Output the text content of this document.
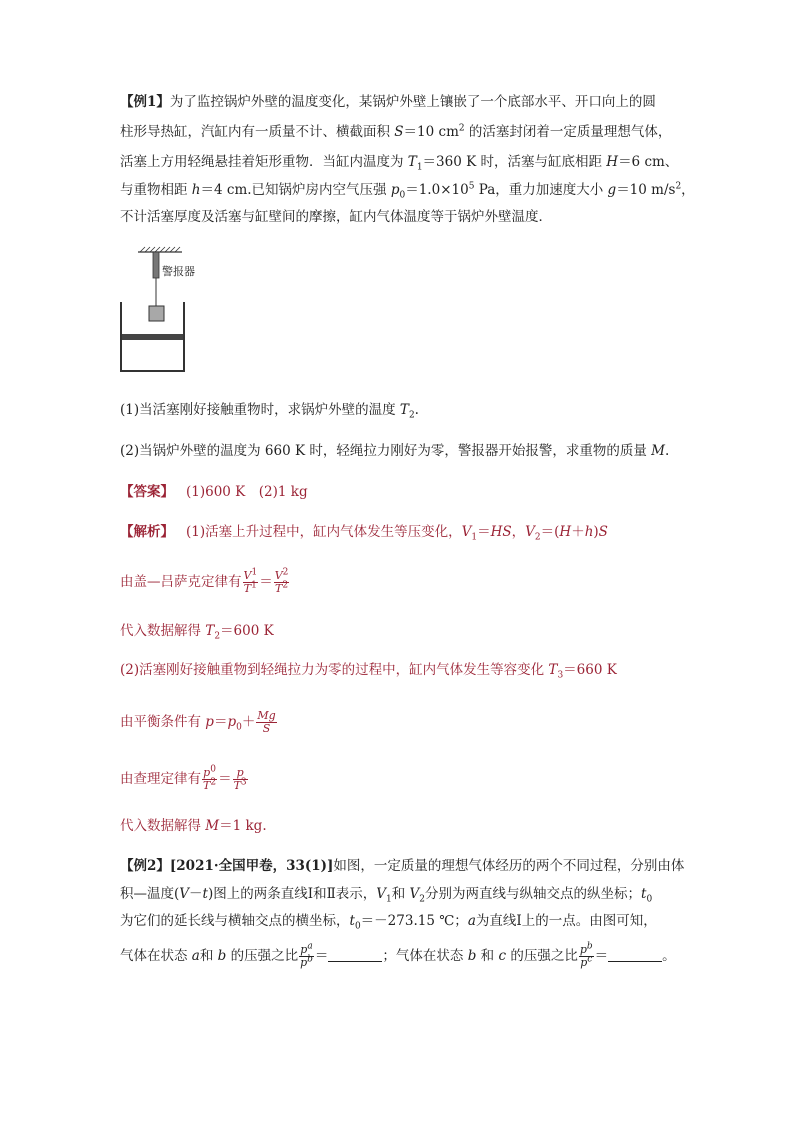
【例1】为了监控锅炉外壁的温度变化，某锅炉外壁上镶嵌了一个底部水平、开口向上的圆
柱形导热缸，汽缸内有一质量不计、横截面积 S＝10 $cm^2$ 的活塞封闭着一定质量理想气体，
活塞上方用轻绳悬挂着矩形重物．当缸内温度为 $T_1=360$ K 时，活塞与缸底相距 H＝6 cm、
与重物相距 h＝4 cm.已知锅炉房内空气压强 $p_0=1.0\times 10^5$ Pa，重力加速度大小 g＝10 $m/s^2$，
不计活塞厚度及活塞与缸壁间的摩擦，缸内气体温度等于锅炉外壁温度．
警报器
(1)当活塞刚好接触重物时，求锅炉外壁的温度 $T_2$.
(2)当锅炉外壁的温度为 660 K 时，轻绳拉力刚好为零，警报器开始报警，求重物的质量 M.
【答案】 (1)600 K　(2)1 kg
【解析】 (1)活塞上升过程中，缸内气体发生等压变化，$V_1=HS$，$V_2=(H+h)S$
由盖—吕萨克定律有 $\frac{V^1}{T^1} = \frac{V^2}{T^2}$
代入数据解得 $T_2=600$ K
(2)活塞刚好接触重物到轻绳拉力为零的过程中，缸内气体发生等容变化 $T_3=660$ K
由平衡条件有 $p=p_0+ \frac{Mg}{S}$
由查理定律有 $\frac{p^0}{T^2} = \frac{p}{T^3}$
代入数据解得 M＝1 kg.
【例2】[2021·全国甲卷，33(1)]如图，一定质量的理想气体经历的两个不同过程，分别由体
积—温度(V－t)图上的两条直线Ⅰ和Ⅱ表示，$V_1$和 $V_2$分别为两直线与纵轴交点的纵坐标；$t_0$
为它们的延长线与横轴交点的横坐标，$t_0=-273.15$ ℃；a为直线Ⅰ上的一点。由图可知，
气体在状态 a和 b 的压强之比 $\frac{p^a}{p^b}$ ＝	；气体在状态 b 和 c 的压强之比 $\frac{p^b}{p^c}$ ＝	。
